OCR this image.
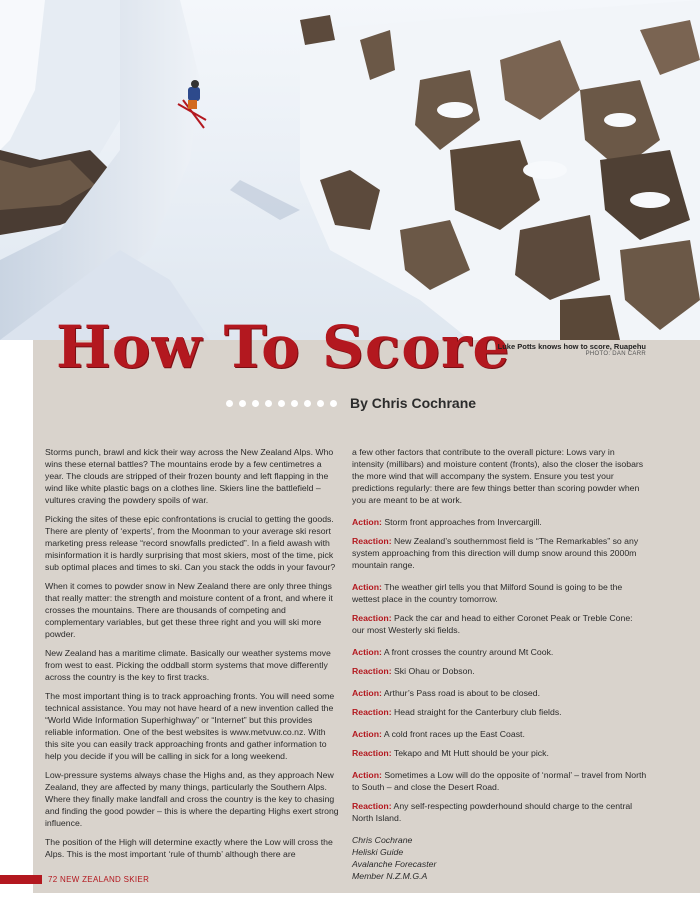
How To Score
Luke Potts knows how to score, Ruapehu
PHOTO: DAN CARR
By Chris Cochrane

Storms punch, brawl and kick their way across the New Zealand Alps. Who wins these eternal battles? The mountains erode by a few centimetres a year. The clouds are stripped of their frozen bounty and left flapping in the wind like white plastic bags on a clothes line. Skiers line the battlefield – vultures craving the powdery spoils of war.

Picking the sites of these epic confrontations is crucial to getting the goods. There are plenty of ‘experts’, from the Moonman to your average ski resort marketing press release “record snowfalls predicted”. In a field awash with misinformation it is hardly surprising that most skiers, most of the time, pick sub optimal places and times to ski. Can you stack the odds in your favour?

When it comes to powder snow in New Zealand there are only three things that really matter: the strength and moisture content of a front, and where it crosses the mountains. There are thousands of competing and complementary variables, but get these three right and you will ski more powder.

New Zealand has a maritime climate. Basically our weather systems move from west to east. Picking the oddball storm systems that move differently across the country is the key to first tracks.

The most important thing is to track approaching fronts. You will need some technical assistance. You may not have heard of a new invention called the “World Wide Information Superhighway” or “Internet” but this provides reliable information. One of the best websites is www.metvuw.co.nz. With this site you can easily track approaching fronts and gather information to help you decide if you will be calling in sick for a long weekend.

Low-pressure systems always chase the Highs and, as they approach New Zealand, they are affected by many things, particularly the Southern Alps. Where they finally make landfall and cross the country is the key to chasing and finding the good powder – this is where the departing Highs exert strong influence.

The position of the High will determine exactly where the Low will cross the Alps. This is the most important ‘rule of thumb’ although there are

a few other factors that contribute to the overall picture: Lows vary in intensity (millibars) and moisture content (fronts), also the closer the isobars the more wind that will accompany the system. Ensure you test your predictions regularly: there are few things better than scoring powder when you are meant to be at work.

Action: Storm front approaches from Invercargill.

Reaction: New Zealand’s southernmost field is “The Remarkables” so any system approaching from this direction will dump snow around this 2000m mountain range.

Action: The weather girl tells you that Milford Sound is going to be the wettest place in the country tomorrow.

Reaction: Pack the car and head to either Coronet Peak or Treble Cone: our most Westerly ski fields.

Action: A front crosses the country around Mt Cook.

Reaction: Ski Ohau or Dobson.

Action: Arthur’s Pass road is about to be closed.

Reaction: Head straight for the Canterbury club fields.

Action: A cold front races up the East Coast.

Reaction: Tekapo and Mt Hutt should be your pick.

Action: Sometimes a Low will do the opposite of ‘normal’ – travel from North to South – and close the Desert Road.

Reaction: Any self-respecting powderhound should charge to the central North Island.

Chris Cochrane
Heliski Guide
Avalanche Forecaster
Member N.Z.M.G.A
72 NEW ZEALAND SKIER
